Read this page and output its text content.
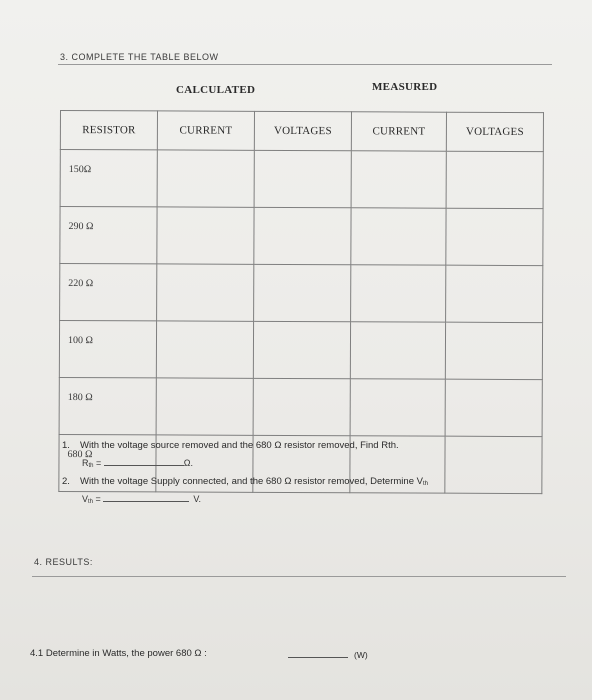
3. COMPLETE THE TABLE BELOW
CALCULATED	MEASURED
RESISTOR	CURRENT	VOLTAGES	CURRENT	VOLTAGES
150Ω				
290 Ω				
220 Ω				
100 Ω				
180 Ω				
680 Ω				
1. With the voltage source removed and the 680 Ω resistor removed, Find Rth.
Rth =	Ω.
2. With the voltage Supply connected, and the 680 Ω resistor removed, Determine Vth
Vth =	V.
4. RESULTS:
4.1 Determine in Watts, the power 680 Ω :	(W)
